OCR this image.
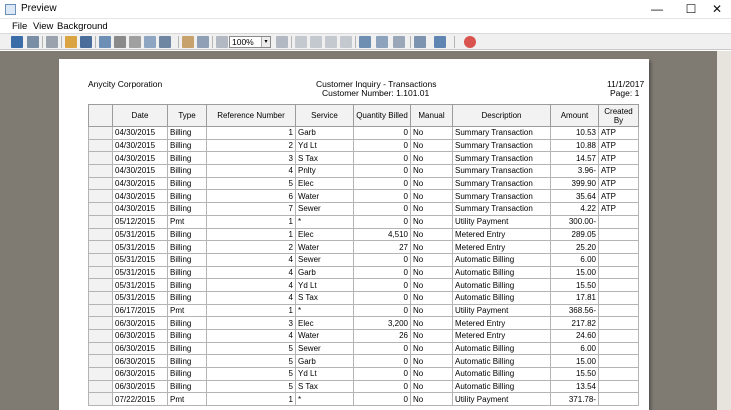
Preview	—	☐	✕
File View Background
100%	▾
Anycity Corporation	Customer Inquiry - Transactions
Customer Number: 1.101.01
11/1/2017
Page: 1
	Date	Type	Reference Number	Service	Quantity Billed	Manual	Description	Amount	Created By
	04/30/2015	Billing	1	Garb	0	No	Summary Transaction	10.53	ATP
	04/30/2015	Billing	2	Yd Lt	0	No	Summary Transaction	10.88	ATP
	04/30/2015	Billing	3	S Tax	0	No	Summary Transaction	14.57	ATP
	04/30/2015	Billing	4	Pnlty	0	No	Summary Transaction	3.96-	ATP
	04/30/2015	Billing	5	Elec	0	No	Summary Transaction	399.90	ATP
	04/30/2015	Billing	6	Water	0	No	Summary Transaction	35.64	ATP
	04/30/2015	Billing	7	Sewer	0	No	Summary Transaction	4.22	ATP
	05/12/2015	Pmt	1	*	0	No	Utility Payment	300.00-	
	05/31/2015	Billing	1	Elec	4,510	No	Metered Entry	289.05	
	05/31/2015	Billing	2	Water	27	No	Metered Entry	25.20	
	05/31/2015	Billing	4	Sewer	0	No	Automatic Billing	6.00	
	05/31/2015	Billing	4	Garb	0	No	Automatic Billing	15.00	
	05/31/2015	Billing	4	Yd Lt	0	No	Automatic Billing	15.50	
	05/31/2015	Billing	4	S Tax	0	No	Automatic Billing	17.81	
	06/17/2015	Pmt	1	*	0	No	Utility Payment	368.56-	
	06/30/2015	Billing	3	Elec	3,200	No	Metered Entry	217.82	
	06/30/2015	Billing	4	Water	26	No	Metered Entry	24.60	
	06/30/2015	Billing	5	Sewer	0	No	Automatic Billing	6.00	
	06/30/2015	Billing	5	Garb	0	No	Automatic Billing	15.00	
	06/30/2015	Billing	5	Yd Lt	0	No	Automatic Billing	15.50	
	06/30/2015	Billing	5	S Tax	0	No	Automatic Billing	13.54	
	07/22/2015	Pmt	1	*	0	No	Utility Payment	371.78-	
